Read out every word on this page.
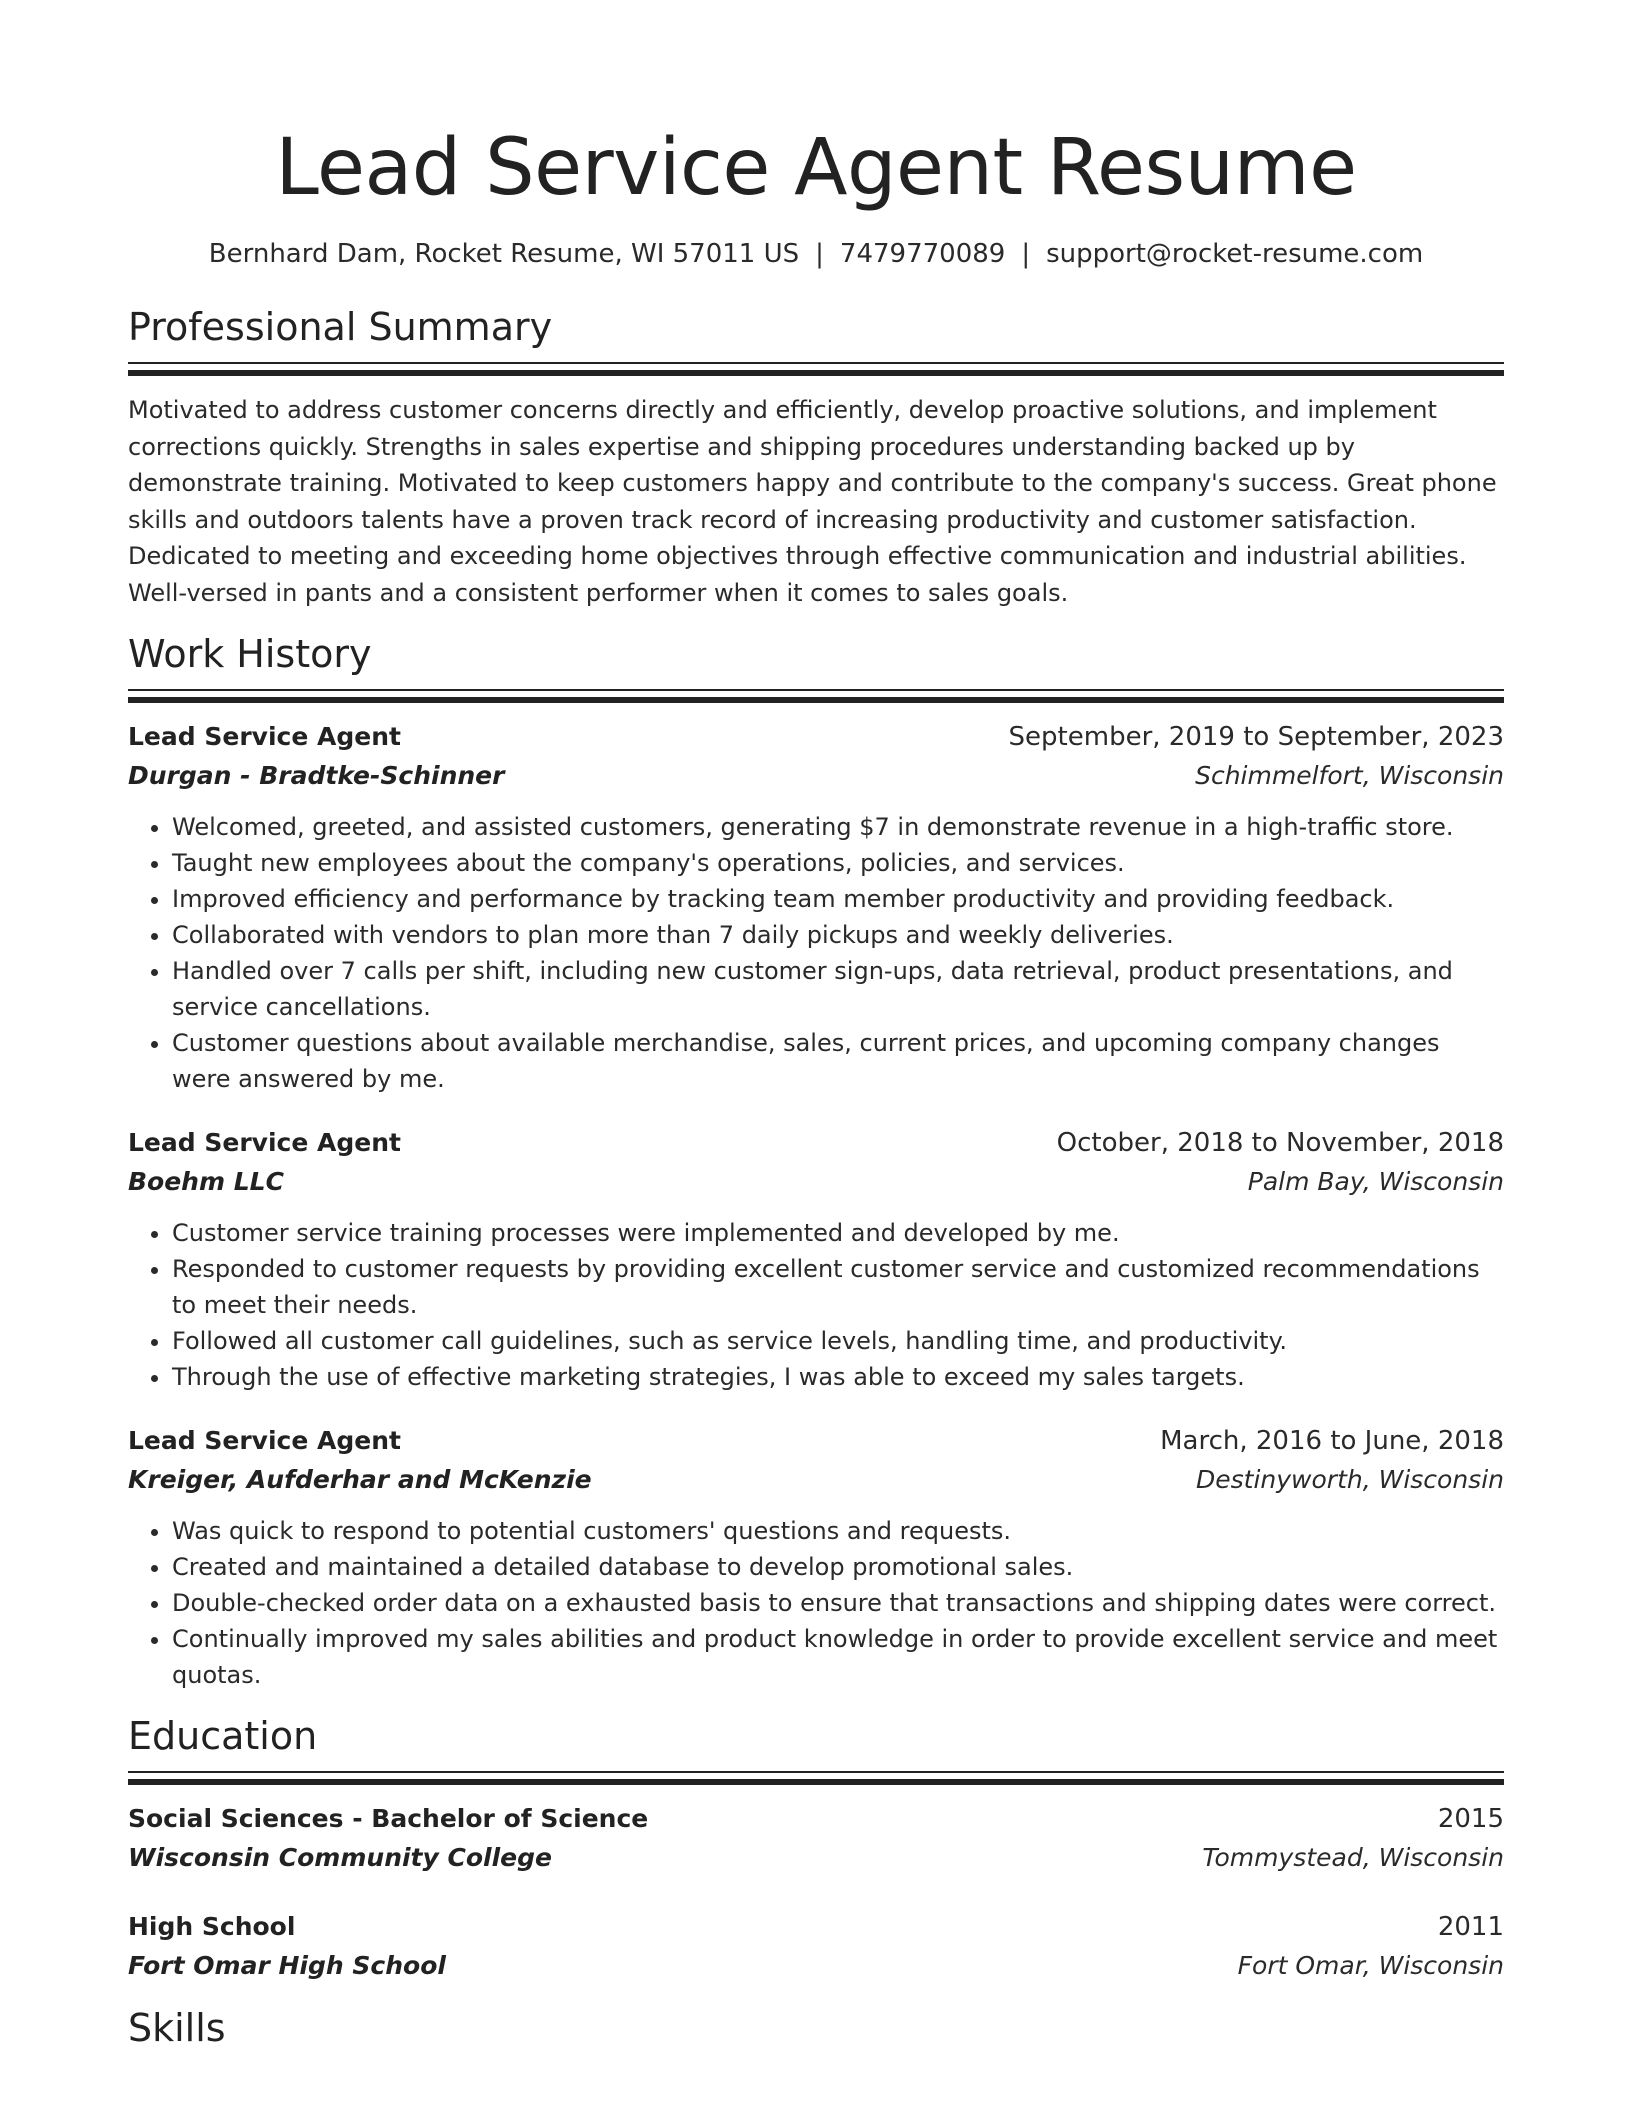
Lead Service Agent Resume
Bernhard Dam, Rocket Resume, WI 57011 US | 7479770089 | support@rocket-resume.com
Professional Summary
Motivated to address customer concerns directly and efficiently, develop proactive solutions, and implement corrections quickly. Strengths in sales expertise and shipping procedures understanding backed up by demonstrate training. Motivated to keep customers happy and contribute to the company's success. Great phone skills and outdoors talents have a proven track record of increasing productivity and customer satisfaction. Dedicated to meeting and exceeding home objectives through effective communication and industrial abilities. Well-versed in pants and a consistent performer when it comes to sales goals.
Work History
Lead Service Agent	September, 2019 to September, 2023
Durgan - Bradtke-Schinner	Schimmelfort, Wisconsin
• Welcomed, greeted, and assisted customers, generating $7 in demonstrate revenue in a high-traffic store.
• Taught new employees about the company's operations, policies, and services.
• Improved efficiency and performance by tracking team member productivity and providing feedback.
• Collaborated with vendors to plan more than 7 daily pickups and weekly deliveries.
• Handled over 7 calls per shift, including new customer sign-ups, data retrieval, product presentations, and service cancellations.
• Customer questions about available merchandise, sales, current prices, and upcoming company changes were answered by me.
Lead Service Agent	October, 2018 to November, 2018
Boehm LLC	Palm Bay, Wisconsin
• Customer service training processes were implemented and developed by me.
• Responded to customer requests by providing excellent customer service and customized recommendations to meet their needs.
• Followed all customer call guidelines, such as service levels, handling time, and productivity.
• Through the use of effective marketing strategies, I was able to exceed my sales targets.
Lead Service Agent	March, 2016 to June, 2018
Kreiger, Aufderhar and McKenzie	Destinyworth, Wisconsin
• Was quick to respond to potential customers' questions and requests.
• Created and maintained a detailed database to develop promotional sales.
• Double-checked order data on a exhausted basis to ensure that transactions and shipping dates were correct.
• Continually improved my sales abilities and product knowledge in order to provide excellent service and meet quotas.
Education
Social Sciences - Bachelor of Science	2015
Wisconsin Community College	Tommystead, Wisconsin
High School	2011
Fort Omar High School	Fort Omar, Wisconsin
Skills
